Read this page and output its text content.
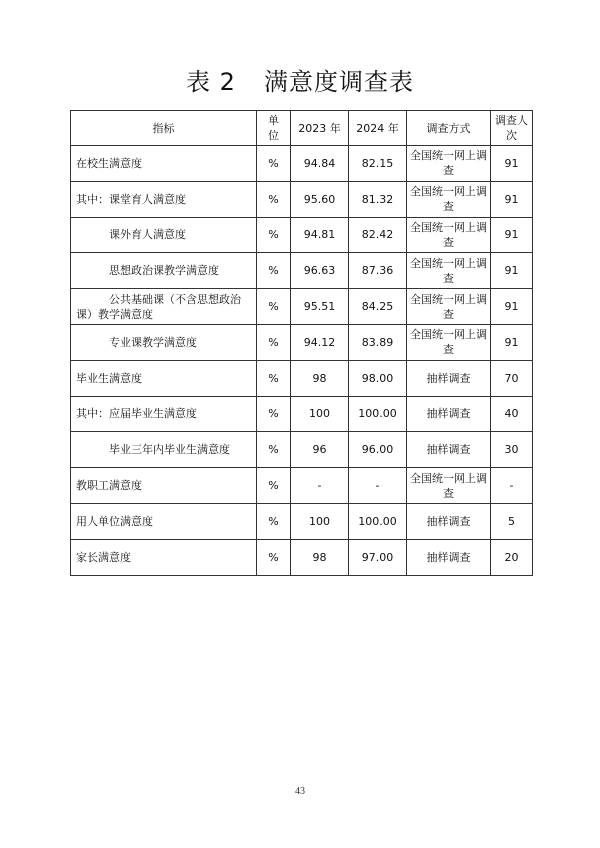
表 2 满意度调查表
指标	单位	2023 年	2024 年	调查方式	调查人次
在校生满意度	%	94.84	82.15	全国统一网上调查	91
其中：课堂育人满意度	%	95.60	81.32	全国统一网上调查	91
课外育人满意度	%	94.81	82.42	全国统一网上调查	91
思想政治课教学满意度	%	96.63	87.36	全国统一网上调查	91
公共基础课（不含思想政治课）教学满意度	%	95.51	84.25	全国统一网上调查	91
专业课教学满意度	%	94.12	83.89	全国统一网上调查	91
毕业生满意度	%	98	98.00	抽样调查	70
其中：应届毕业生满意度	%	100	100.00	抽样调查	40
毕业三年内毕业生满意度	%	96	96.00	抽样调查	30
教职工满意度	%	-	-	全国统一网上调查	-
用人单位满意度	%	100	100.00	抽样调查	5
家长满意度	%	98	97.00	抽样调查	20
43
